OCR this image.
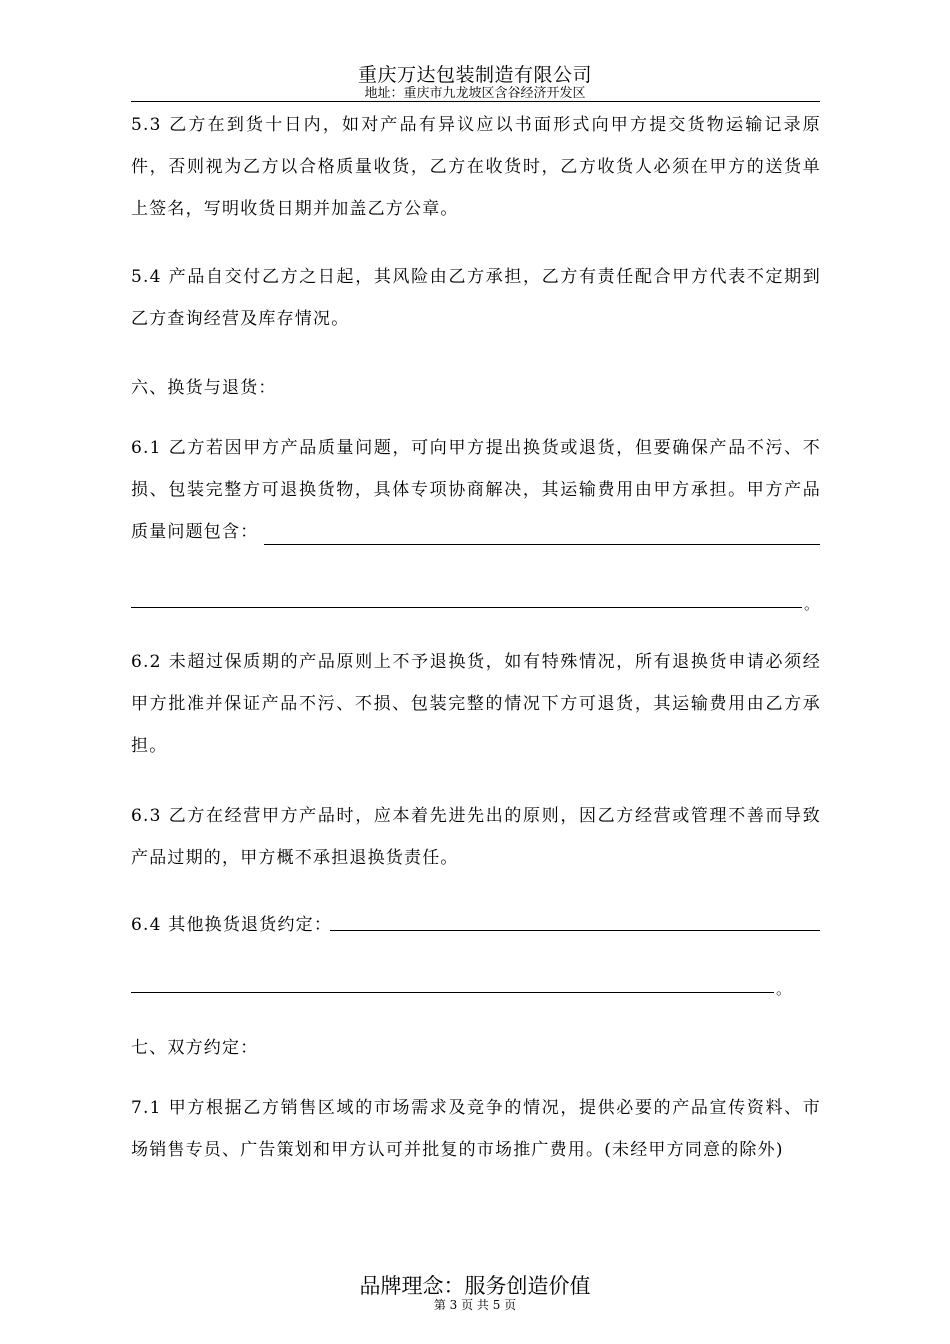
重庆万达包装制造有限公司
地址：重庆市九龙坡区含谷经济开发区

5.3 乙方在到货十日内，如对产品有异议应以书面形式向甲方提交货物运输记录原件，否则视为乙方以合格质量收货，乙方在收货时，乙方收货人必须在甲方的送货单上签名，写明收货日期并加盖乙方公章。

5.4 产品自交付乙方之日起，其风险由乙方承担，乙方有责任配合甲方代表不定期到乙方查询经营及库存情况。

六、换货与退货：

6.1 乙方若因甲方产品质量问题，可向甲方提出换货或退货，但要确保产品不污、不损、包装完整方可退换货物，具体专项协商解决，其运输费用由甲方承担。甲方产品质量问题包含：

。

6.2 未超过保质期的产品原则上不予退换货，如有特殊情况，所有退换货申请必须经甲方批准并保证产品不污、不损、包装完整的情况下方可退货，其运输费用由乙方承担。

6.3 乙方在经营甲方产品时，应本着先进先出的原则，因乙方经营或管理不善而导致产品过期的，甲方概不承担退换货责任。

6.4 其他换货退货约定：

。

七、双方约定：

7.1 甲方根据乙方销售区域的市场需求及竞争的情况，提供必要的产品宣传资料、市场销售专员、广告策划和甲方认可并批复的市场推广费用。(未经甲方同意的除外)

品牌理念：服务创造价值
第 3 页 共 5 页
